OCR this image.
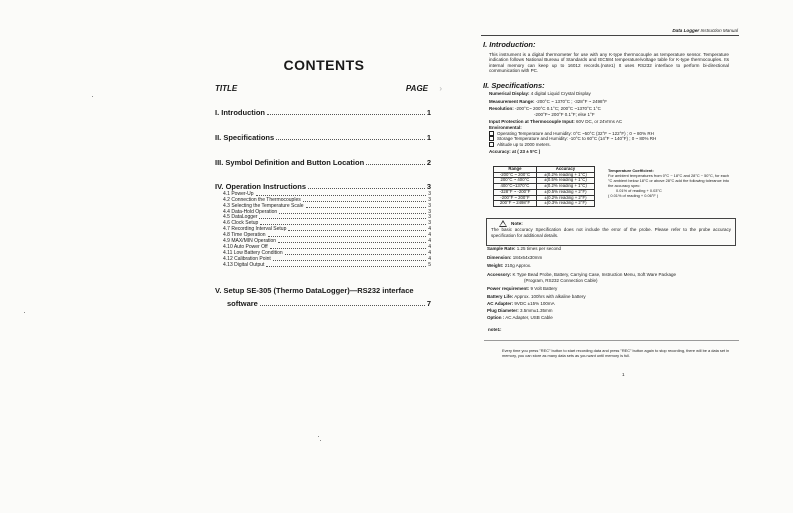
CONTENTS
TITLE	PAGE ›
I. Introduction	1
II. Specifications	1
III. Symbol Definition and Button Location	2
IV. Operation Instructions	3
4.1 Power-Up	3
4.2 Connection the Thermocouples	3
4.3 Selecting the Temperature Scale	3
4.4 Data-Hold Operation	3
4.5 DataLogger	3
4.6 Clock Setup	3
4.7 Recording Interval Setup	4
4.8 Time Operation	4
4.9 MAX/MIN Operation	4
4.10 Auto Power Off	4
4.11 Low Battery Condition	4
4.12 Calibration Point	4
4.13 Digital Output	5
V. Setup SE-305 (Thermo DataLogger)—RS232 interface
software	7
Data Logger Instruction Manual
I. Introduction:
This instrument is a digital thermometer for use with any K-type thermocouple as temperature sensor. Temperature indication follows National Bureau of Standards and IEC584 temperature/voltage table for K-type thermocouples. Its internal memory can keep up to 16012 records.(note1) It uses RS232 interface to perform bi-directional communication with PC.
II. Specifications:
Numerical Display: 4 digital Liquid Crystal Display
Measurement Range: -200°C ~ 1370°C ; -328°F ~ 2498°F
Resolution: -200°C~ 200°C 0.1°C; 200°C ~1370°C 1°C
-200°F~ 200°F 0.1°F; else 1°F
Input Protection at Thermocouple Input: 60V DC, or 24Vrms AC
Environmental:
Operating Temperature and Humidity: 0°C ~50°C (32°F ~ 122°F) ; 0 ~ 80% RH
Storage Temperature and Humidity: -10°C to 60°C (14°F ~ 140°F) ; 0 ~ 80% RH
Altitude up to 2000 meters.
Accuracy: at ( 23 ± 5°C )
Range	Accuracy
-200°C ~ 200°C	±(0.2% reading + 1°C)
200°C ~ 400°C	±(0.5% reading + 1°C)
400°C~1370°C	±(0.2% reading + 1°C)
-328°F ~ -200°F	±(0.5% reading + 2°F)
-200°F ~ 200°F	±(0.2% reading + 2°F)
200°F ~ 2498°F	±(0.3% reading + 2°F)
Temperature Coefficient:
For ambient temperatures from 0°C ~ 18°C and 28°C ~ 50°C, for each °C ambient below 18°C or above 28°C add the following tolerance into the accuracy spec:
0.01% of reading + 0.03°C
( 0.01% of reading + 0.06°F )
Note:
The basic accuracy Specification does not include the error of the probe. Please refer to the probe accuracy specification for additional details.
Sample Rate: 1.25 times per second
Dimension: 184x64x30mm
Weight: 210g Approx.
Accessory: K Type Bead Probe, Battery, Carrying Case, Instruction Menu, Soft Ware Package
(Program, RS232 Connection Cable)
Power requirement: 9 Volt Battery
Battery Life: Approx. 100hrs with alkaline battery
AC Adapter: 9VDC ±15% 100mA
Plug Diameter: 3.5mm±1.35mm
Option : AC Adapter, USB Cable
note1:
Every time you press "REC" button to start recording data and press "REC" button again to stop recording, there will be a data set in memory, you can store as many data sets as you want until memory is full.
1
